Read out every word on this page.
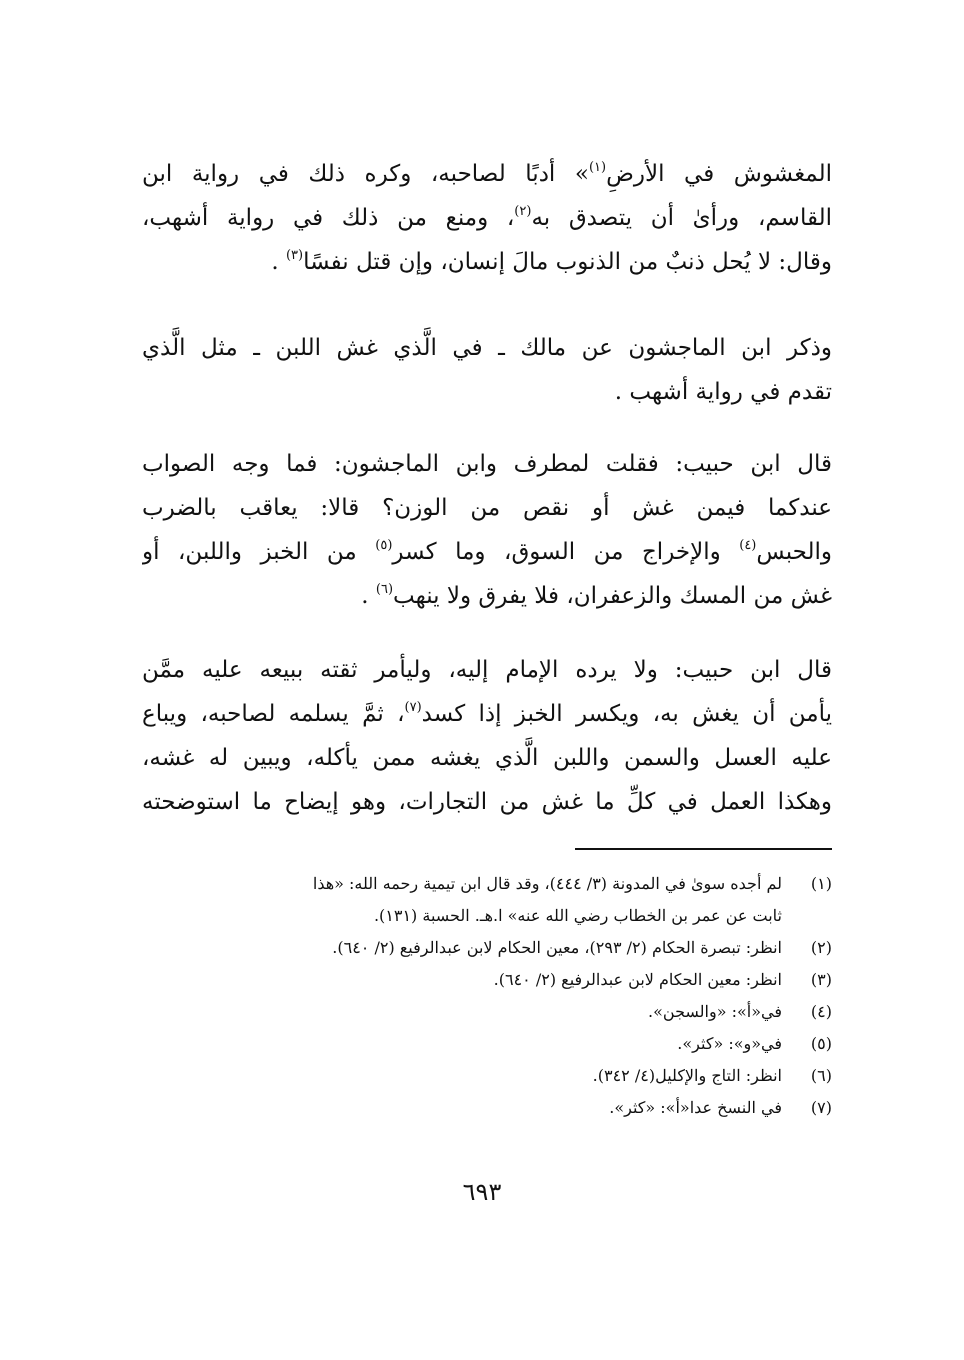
المغشوش في الأرضِ$^{(١)}$» أدبًا لصاحبه، وكره ذلك في رواية ابن
القاسم، ورأىٰ أن يتصدق به$^{(٢)}$، ومنع من ذلك في رواية أشهب،
وقال: لا يُحل ذنبٌ من الذنوب مالَ إنسان، وإن قتل نفسًا$^{(٣)}$ .
وذكر ابن الماجشون عن مالك ـ في الَّذي غش اللبن ـ مثل الَّذي
تقدم في رواية أشهب .
قال ابن حبيب: فقلت لمطرف وابن الماجشون: فما وجه الصواب
عندكما فيمن غش أو نقص من الوزن؟ قالا: يعاقب بالضرب
والحبس$^{(٤)}$ والإخراج من السوق، وما كسر$^{(٥)}$ من الخبز واللبن، أو
غش من المسك والزعفران، فلا يفرق ولا ينهب$^{(٦)}$ .
قال ابن حبيب: ولا يرده الإمام إليه، وليأمر ثقته ببيعه عليه ممَّن
يأمن أن يغش به، ويكسر الخبز إذا كسد$^{(٧)}$، ثمَّ يسلمه لصاحبه، ويباع
عليه العسل والسمن واللبن الَّذي يغشه ممن يأكله، ويبين له غشه،
وهكذا العمل في كلِّ ما غش من التجارات، وهو إيضاح ما استوضحته
(١)
لم أجده سوىٰ في المدونة (٣/ ٤٤٤)، وقد قال ابن تيمية رحمه الله: «هذا
ثابت عن عمر بن الخطاب رضي الله عنه» ا.هـ. الحسبة (١٣١).
(٢)
انظر: تبصرة الحكام (٢/ ٢٩٣)، معين الحكام لابن عبدالرفيع (٢/ ٦٤٠).
(٣)
انظر: معين الحكام لابن عبدالرفيع (٢/ ٦٤٠).
(٤)
في«أ»: «والسجن».
(٥)
في«و»: «كثر».
(٦)
انظر: التاج والإكليل(٤/ ٣٤٢).
(٧)
في النسخ عدا«أ»: «كثر».
٦٩٣
